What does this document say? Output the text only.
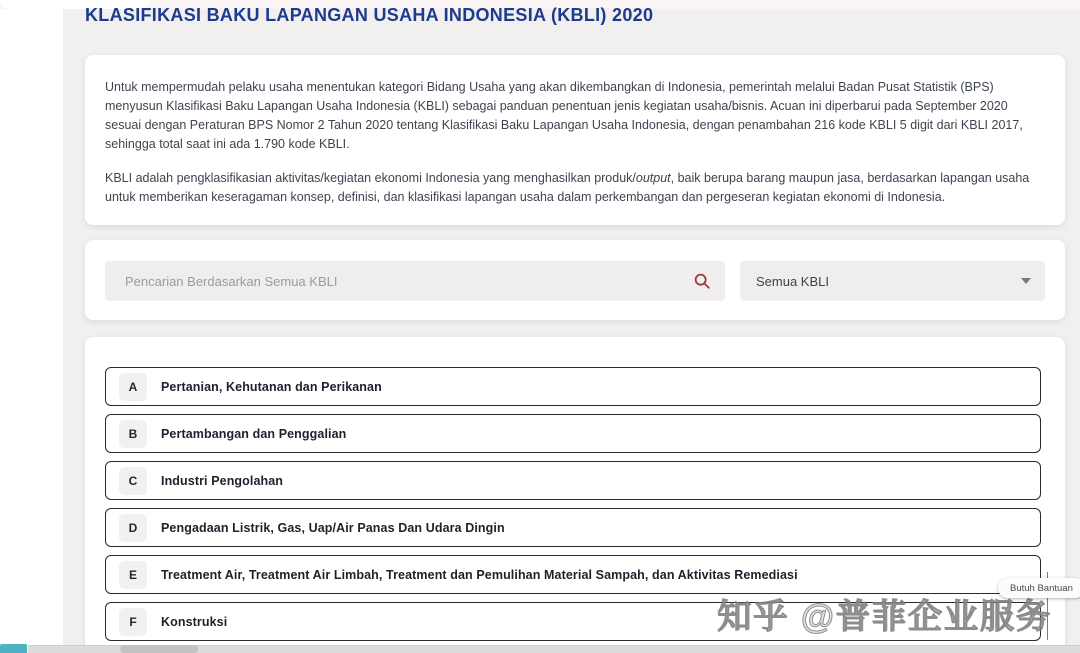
KLASIFIKASI BAKU LAPANGAN USAHA INDONESIA (KBLI) 2020

Untuk mempermudah pelaku usaha menentukan kategori Bidang Usaha yang akan dikembangkan di Indonesia, pemerintah melalui Badan Pusat Statistik (BPS) menyusun Klasifikasi Baku Lapangan Usaha Indonesia (KBLI) sebagai panduan penentuan jenis kegiatan usaha/bisnis. Acuan ini diperbarui pada September 2020 sesuai dengan Peraturan BPS Nomor 2 Tahun 2020 tentang Klasifikasi Baku Lapangan Usaha Indonesia, dengan penambahan 216 kode KBLI 5 digit dari KBLI 2017, sehingga total saat ini ada 1.790 kode KBLI.

KBLI adalah pengklasifikasian aktivitas/kegiatan ekonomi Indonesia yang menghasilkan produk/output, baik berupa barang maupun jasa, berdasarkan lapangan usaha untuk memberikan keseragaman konsep, definisi, dan klasifikasi lapangan usaha dalam perkembangan dan pergeseran kegiatan ekonomi di Indonesia.

Pencarian Berdasarkan Semua KBLI
Semua KBLI
A	Pertanian, Kehutanan dan Perikanan
B	Pertambangan dan Penggalian
C	Industri Pengolahan
D	Pengadaan Listrik, Gas, Uap/Air Panas Dan Udara Dingin
E	Treatment Air, Treatment Air Limbah, Treatment dan Pemulihan Material Sampah, dan Aktivitas Remediasi
F	Konstruksi	知乎 @普菲企业服务
Butuh Bantuan
